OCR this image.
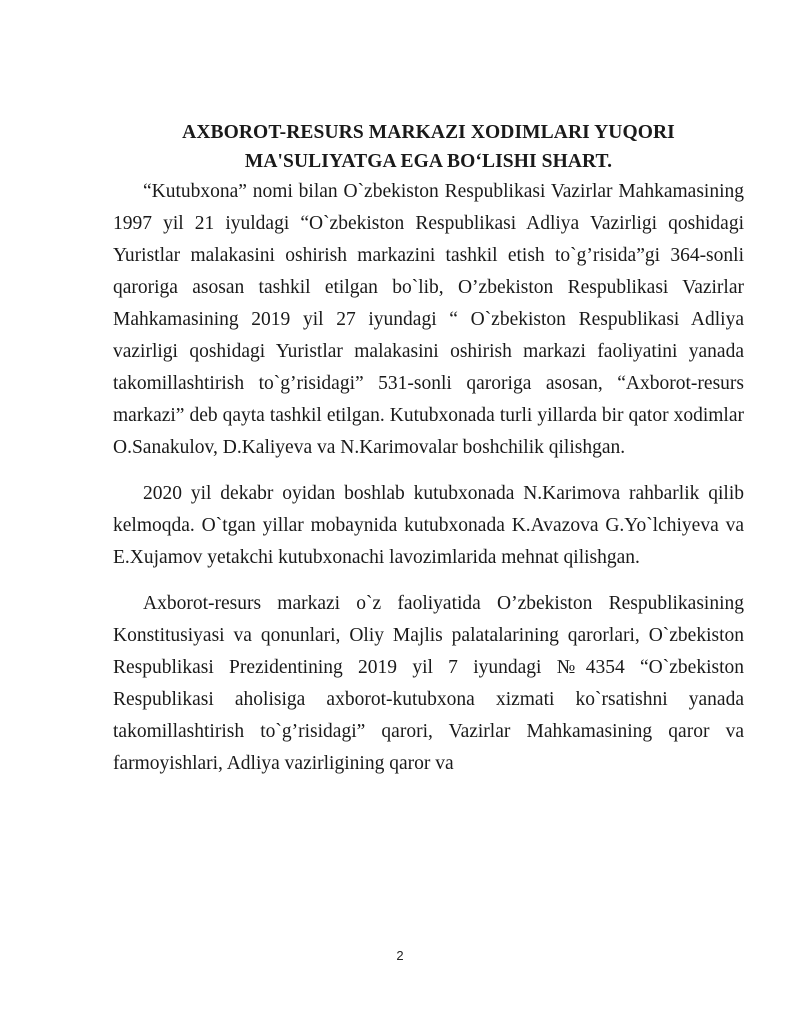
AXBOROT-RESURS MARKAZI XODIMLARI YUQORI

MA'SULIYATGA EGA BO‘LISHI SHART.

“Kutubxona” nomi bilan O`zbekiston Respublikasi Vazirlar Mahkamasining 1997 yil 21 iyuldagi “O`zbekiston Respublikasi Adliya Vazirligi qoshidagi Yuristlar malakasini oshirish markazini tashkil etish to`g’risida”gi 364-sonli qaroriga asosan tashkil etilgan bo`lib, O’zbekiston Respublikasi Vazirlar Mahkamasining 2019 yil 27 iyundagi “ O`zbekiston Respublikasi Adliya vazirligi qoshidagi Yuristlar malakasini oshirish markazi faoliyatini yanada takomillashtirish to`g’risidagi” 531-sonli qaroriga asosan, “Axborot-resurs markazi” deb qayta tashkil etilgan. Kutubxonada turli yillarda bir qator xodimlar O.Sanakulov, D.Kaliyeva va N.Karimovalar boshchilik qilishgan.

2020 yil dekabr oyidan boshlab kutubxonada N.Karimova rahbarlik qilib kelmoqda. O`tgan yillar mobaynida kutubxonada K.Avazova G.Yo`lchiyeva va E.Xujamov yetakchi kutubxonachi lavozimlarida mehnat qilishgan.

Axborot-resurs markazi o`z faoliyatida O’zbekiston Respublikasining Konstitusiyasi va qonunlari, Oliy Majlis palatalarining qarorlari, O`zbekiston Respublikasi Prezidentining 2019 yil 7 iyundagi №4354 “O`zbekiston Respublikasi aholisiga axborot-kutubxona xizmati ko`rsatishni yanada takomillashtirish to`g’risidagi” qarori, Vazirlar Mahkamasining qaror va farmoyishlari, Adliya vazirligining qaror va

2
